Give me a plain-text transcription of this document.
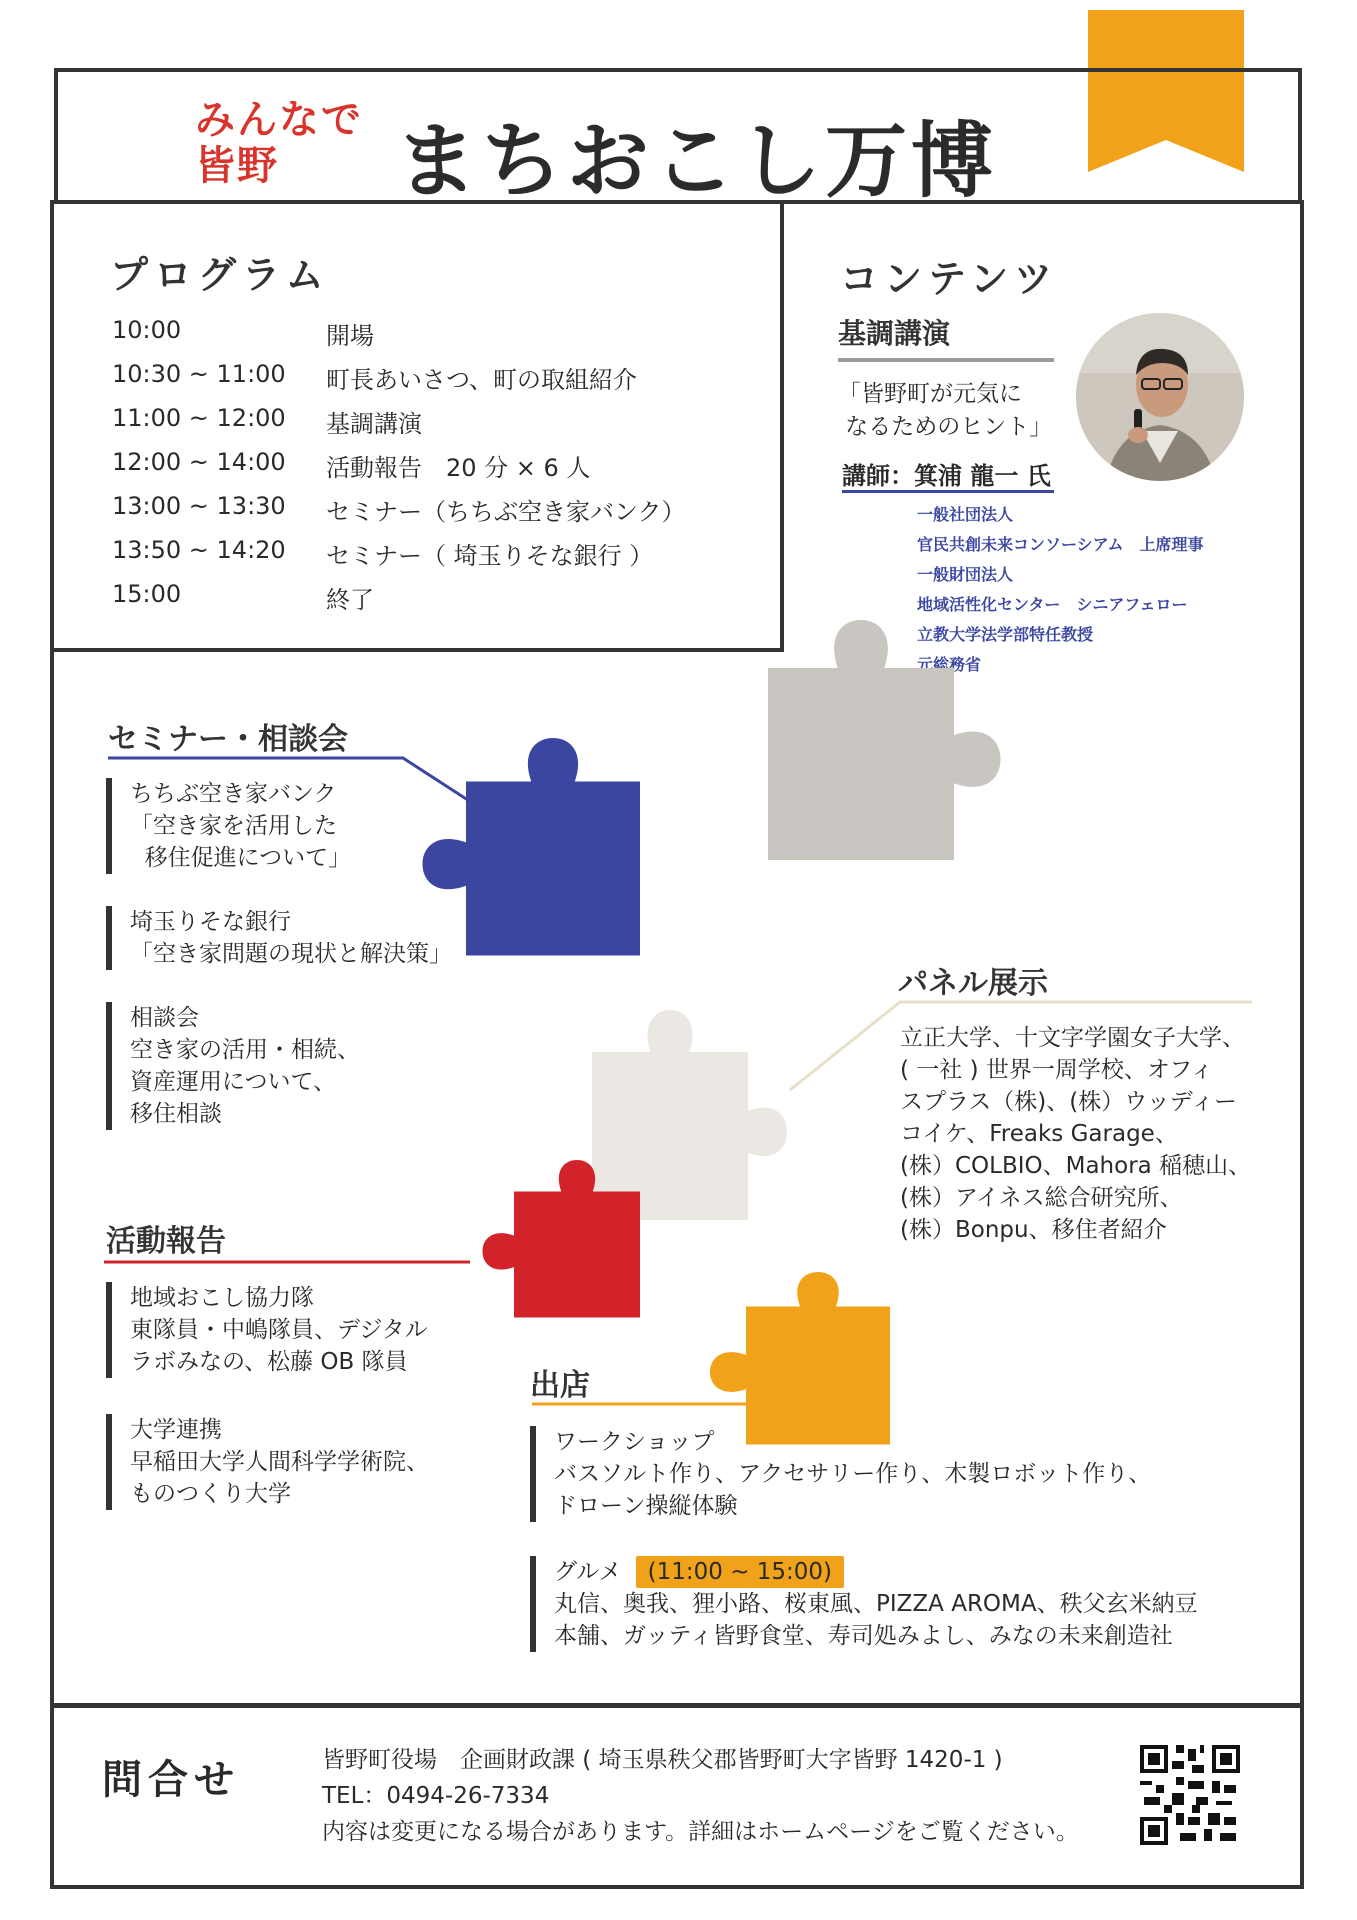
みんなで
皆野	まちおこし万博
プログラム
10:00	開場
10:30 ~ 11:00 町長あいさつ、町の取組紹介
11:00 ~ 12:00 基調講演
12:00 ~ 14:00 活動報告　20 分 × 6 人
13:00 ~ 13:30 セミナー（ちちぶ空き家バンク）
13:50 ~ 14:20 セミナー（ 埼玉りそな銀行 ）
15:00	終了
コンテンツ
基調講演
「皆野町が元気に
なるためのヒント」
講師：箕浦 龍一 氏
一般社団法人
官民共創未来コンソーシアム　上席理事
一般財団法人
地域活性化センター　シニアフェロー
立教大学法学部特任教授
元総務省
セミナー・相談会
ちちぶ空き家バンク
「空き家を活用した
移住促進について」
埼玉りそな銀行
「空き家問題の現状と解決策」
相談会
空き家の活用・相続、
資産運用について、
移住相談
パネル展示
立正大学、十文字学園女子大学、
( 一社 ) 世界一周学校、オフィ
スプラス（株)、(株）ウッディー
コイケ、Freaks Garage、
(株）COLBIO、Mahora 稲穂山、
(株）アイネス総合研究所、
(株）Bonpu、移住者紹介
活動報告
地域おこし協力隊
東隊員・中嶋隊員、デジタル
ラボみなの、松藤 OB 隊員
大学連携
早稲田大学人間科学学術院、
ものつくり大学
出店
ワークショップ
バスソルト作り、アクセサリー作り、木製ロボット作り、
ドローン操縦体験
グルメ (11:00 ~ 15:00)
丸信、奥我、狸小路、桜東風、PIZZA AROMA、秩父玄米納豆
本舗、ガッティ皆野食堂、寿司処みよし、みなの未来創造社
問合せ	皆野町役場　企画財政課 ( 埼玉県秩父郡皆野町大字皆野 1420-1 )
TEL：0494-26-7334
内容は変更になる場合があります。詳細はホームページをご覧ください。
